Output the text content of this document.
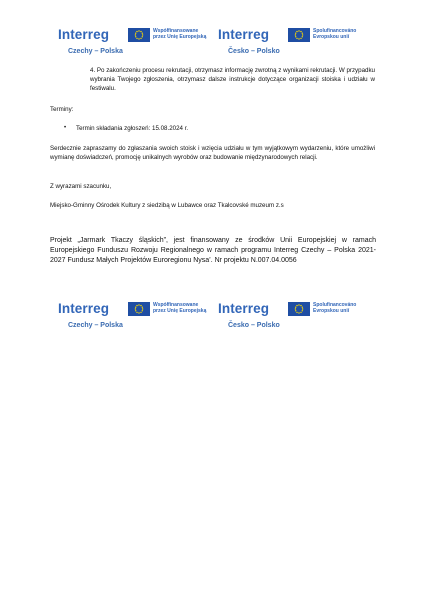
Interreg	Współfinansowane przez Unię Europejską
Czechy – Polska
Interreg	Spolufinancováno Evropskou unií
Česko – Polsko
4. Po zakończeniu procesu rekrutacji, otrzymasz informację zwrotną z wynikami rekrutacji. W przypadku wybrania Twojego zgłoszenia, otrzymasz dalsze instrukcje dotyczące organizacji stoiska i udziału w festiwalu.
Terminy:
• Termin składania zgłoszeń: 15.08.2024 r.
Serdecznie zapraszamy do zgłaszania swoich stoisk i wzięcia udziału w tym wyjątkowym wydarzeniu, które umożliwi wymianę doświadczeń, promocję unikalnych wyrobów oraz budowanie międzynarodowych relacji.
Z wyrazami szacunku,
Miejsko-Gminny Ośrodek Kultury z siedzibą w Lubawce oraz Tkalcovské muzeum z.s
Projekt „Jarmark Tkaczy śląskich”, jest finansowany ze środków Unii Europejskiej w ramach Europejskiego Funduszu Rozwoju Regionalnego w ramach programu Interreg Czechy – Polska 2021-2027 Fundusz Małych Projektów Euroregionu Nysa’. Nr projektu N.007.04.0056
Interreg	Współfinansowane przez Unię Europejską
Czechy – Polska
Interreg	Spolufinancováno Evropskou unií
Česko – Polsko
